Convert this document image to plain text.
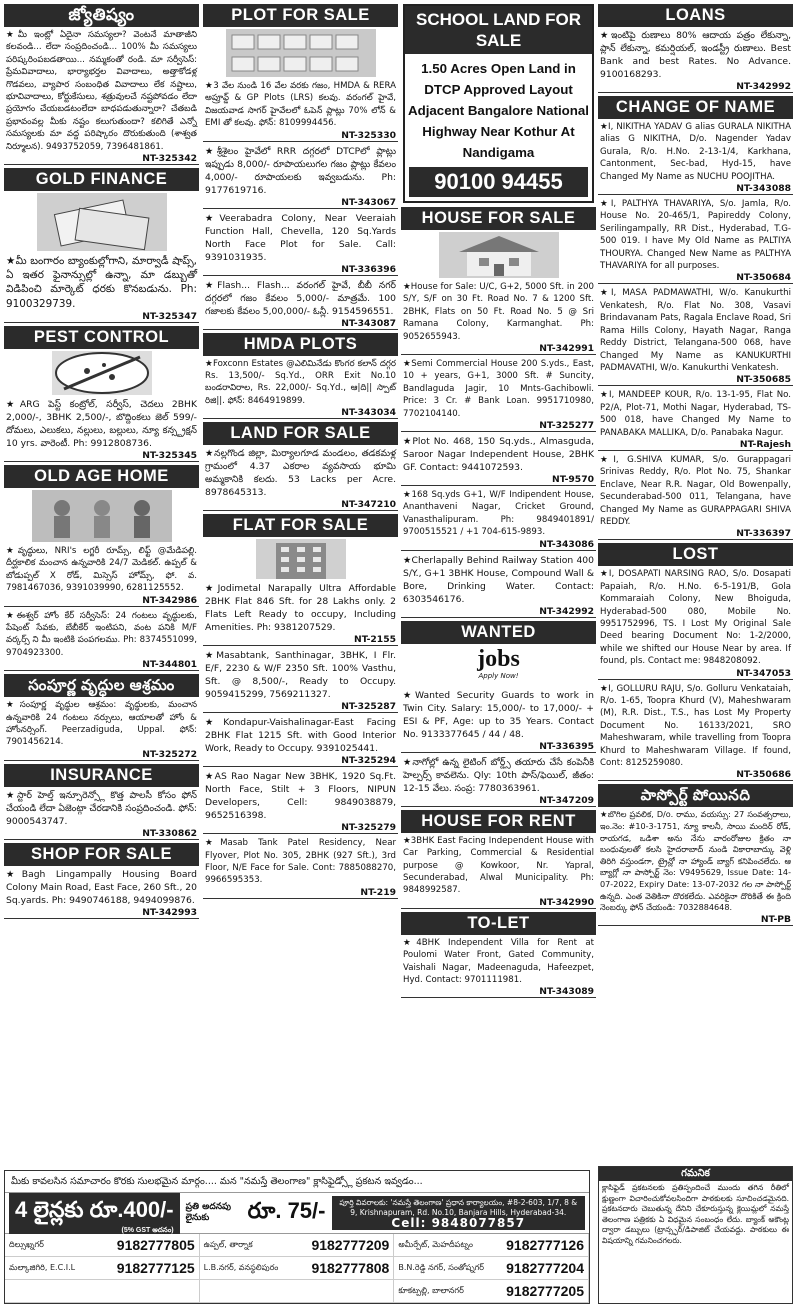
జ్యోతిష్యం
★మీ ఇంట్లో ఏదైనా సమస్యలా? వెంటనే మాతాజీని కలవండి... లేదా సంప్రదించండి... 100% మీ సమస్యలు పరిష్కరింపబడతాయి... నమ్మకంతో రండి. మా సర్వీసెస్: ప్రేమవివాదాలు, భార్యాభర్తల వివాదాలు, అత్తాకోడళ్ల గొడవలు, వ్యాపార సంబంధిత వివాదాలు లేక నష్టాలు, భూవివాదాలు, కోర్టుకేసులు, శత్రువులచే నష్టపోవడం లేదా ప్రయోగం చేయబడటంలేదా బాధపడుతున్నారా? చేతబడి ప్రభావంవల్ల మీకు నష్టం కలుగుతుందా? కలిగితే ఎన్నో సమస్యలకు మా వద్ద పరిష్కారం దొరుకుతుంది (శాశ్వత నిర్మూలన). 9493752059, 7396481861.
NT-325342
GOLD FINANCE
★మీ బంగారం బ్యాంకుల్లోగాని, మార్వాడీ షాప్స్, ఏ ఇతర ఫైనాన్సుల్లో ఉన్నా, మా డబ్బుతో విడిపించి మార్కెట్ ధరకు కొనబడును. Ph: 9100329739.
NT-325347
PEST CONTROL
★ARG పెస్ట్ కంట్రోల్, సర్వీస్, చెదలు 2BHK 2,000/-, 3BHK 2,500/-, బొద్దింకలు జెల్ 599/- దోమలు, ఎలుకలు, నల్లులు, బల్లులు, న్యూ కన్స్ట్రక్షన్ 10 yrs. వారెంటీ. Ph: 9912808736.
NT-325345
OLD AGE HOME
★వృద్ధులు, NRI's లగ్జరీ రూమ్స్, లిఫ్ట్ @మేడిపల్లి. దీర్ఘకాలిక మంచాన ఉన్నవారికి 24/7 మెడికల్. ఉప్పల్ & బోడుప్పల్ X రోడ్, మిస్సెస్ హోమ్స్, ఫో. వ. 7981467036, 9391039990, 6281125552.
NT-342986
★ఈశ్వర్ హోం కేర్ సర్వీసెస్: 24 గంటలు వృద్ధులకు, పేషెంట్ సేవకు, బేబీకేర్ ఇంటిపని, వంట పనికి M/F వర్కర్స్ ని మీ ఇంటికి పంపగలము. Ph: 8374551099, 9704923300.
NT-344801
సంపూర్ణ వృద్ధుల ఆశ్రమం
★సంపూర్ణ వృద్ధుల ఆశ్రమం: వృద్ధులకు, మంచాన ఉన్నవారికి 24 గంటలు నర్సులు, ఆయాలతో హోం & హోంనర్సింగ్. Peerzadiguda, Uppal. ఫోన్: 7901456214.
NT-325272
INSURANCE
★స్టార్ హెల్త్ ఇన్సూరెన్స్లో కొత్త పాలసీ కోసం ఫోన్ చేయండి లేదా ఏజెంట్గా చేరడానికి సంప్రదించండి. ఫోన్: 9000543747.
NT-330862
SHOP FOR SALE
★Bagh Lingampally Housing Board Colony Main Road, East Face, 260 Sft., 20 Sq.yards. Ph: 9490746188, 9494099876.
NT-342993
PLOT FOR SALE
★3 వేల నుండి 16 వేల వరకు గజం, HMDA & RERA అప్రూవ్డ్ & GP Plots (LRS) కలవు. వరంగల్ హైవే, విజయవాడ సాగర్ హైవేలలో ఓపెన్ ప్లాట్లు 70% లోన్ & EMI తో కలవు. ఫోన్: 8109994456.
NT-325330
★శ్రీశైలం హైవేలో RRR దగ్గరలో DTCPలో ప్లాట్లు ఇప్పుడు 8,000/- రూపాయలుగల గజం ప్లాట్లు కేవలం 4,000/- రూపాయలకు ఇవ్వబడును. Ph: 9177619716.
NT-343067
★Veerabadra Colony, Near Veeraiah Function Hall, Chevella, 120 Sq.Yards North Face Plot for Sale. Call: 9391031935.
NT-336396
★Flash... Flash... వరంగల్ హైవే, బీబీ నగర్ దగ్గరలో గజం కేవలం 5,000/- మాత్రమే. 100 గజాలకు కేవలం 5,00,000/- ఓన్లీ. 9154596551.
NT-343087
HMDA PLOTS
★Foxconn Estates @ఎలిమినేడు కొంగర కలాన్ దగ్గర Rs. 13,500/- Sq.Yd., ORR Exit No.10 బండరావిరాల, Rs. 22,000/- Sq.Yd., ఆ|ది|| స్పాట్ రిజి||. ఫోన్: 8464919899.
NT-343034
LAND FOR SALE
★నల్లగొండ జిల్లా, మిర్యాలగూడ మండలం, తడకమళ్ల గ్రామంలో 4.37 ఎకరాల వ్యవసాయ భూమి అమ్మకానికి కలదు. 53 Lacks per Acre. 8978645313.
NT-347210
FLAT FOR SALE
★Jodimetal Narapally Ultra Affordable 2BHK Flat 846 Sft. for 28 Lakhs only. 2 Flats Left Ready to occupy, Including Amenities. Ph: 9381207529.
NT-2155
★Masabtank, Santhinagar, 3BHK, I Flr. E/F, 2230 & W/F 2350 Sft. 100% Vasthu, Sft. @ 8,500/-, Ready to Occupy. 9059415299, 7569211327.
NT-325287
★Kondapur-Vaishalinagar-East Facing 2BHK Flat 1215 Sft. with Good Interior Work, Ready to Occupy. 9391025441.
NT-325294
★AS Rao Nagar New 3BHK, 1920 Sq.Ft. North Face, Stilt + 3 Floors, NIPUN Developers, Cell: 9849038879, 9652516398.
NT-325279
★Masab Tank Patel Residency, Near Flyover, Plot No. 305, 2BHK (927 Sft.), 3rd Floor, N/E Face for Sale. Cont: 7885088270, 9966595353.
NT-219
SCHOOL LAND FOR SALE
1.50 Acres Open Land in DTCP Approved Layout Adjacent Bangalore National Highway Near Kothur At Nandigama
90100 94455
HOUSE FOR SALE
★House for Sale: U/C, G+2, 5000 Sft. in 200 S/Y, S/F on 30 Ft. Road No. 7 & 1200 Sft. 2BHK, Flats on 50 Ft. Road No. 5 @ Sri Ramana Colony, Karmanghat. Ph: 9052655943.
NT-342991
★Semi Commercial House 200 S.yds., East, 10 + years, G+1, 3000 Sft. # Suncity, Bandlaguda Jagir, 10 Mnts-Gachibowli. Price: 3 Cr. # Bank Loan. 9951710980, 7702104140.
NT-325277
★Plot No. 468, 150 Sq.yds., Almasguda, Saroor Nagar Independent House, 2BHK GF. Contact: 9441072593.
NT-9570
★168 Sq.yds G+1, W/F Indipendent House, Ananthaveni Nagar, Cricket Ground, Vanasthalipuram. Ph: 9849401891/ 9700515521 / +1 704-615-9893.
NT-343086
★Cherlapally Behind Railway Station 400 S/Y., G+1 3BHK House, Compound Wall & Bore, Drinking Water. Contact: 6303546176.
NT-342992
WANTED
jobs
Apply Now!
★Wanted Security Guards to work in Twin City. Salary: 15,000/- to 17,000/- + ESI & PF, Age: up to 35 Years. Contact No. 9133377645 / 44 / 48.
NT-336395
★నాగోల్లో ఉన్న లైటింగ్ బోర్డ్స్ తయారు చేసే కంపెనీకి హెల్పర్స్ కావలెను. Qly: 10th పాస్/ఫెయిల్, జీతం: 12-15 వేలు. సంప్ర: 7780363961.
NT-347209
HOUSE FOR RENT
★3BHK East Facing Independent House with Car Parking, Commercial & Residential purpose @ Kowkoor, Nr. Yapral, Secunderabad, Alwal Municipality. Ph: 9848992587.
NT-342990
TO-LET
★4BHK Independent Villa for Rent at Poulomi Water Front, Gated Community, Vaishali Nagar, Madeenaguda, Hafeezpet, Hyd. Contact: 9701111981.
NT-343089
LOANS
★ఇంటిపై రుణాలు 80% ఆదాయ పత్రం లేకున్నా, ప్లాన్ లేకున్నా, కమర్షియల్, ఇండస్ట్రీ రుణాలు. Best Bank and best Rates. No Advance. 9100168293.
NT-342992
CHANGE OF NAME
★I, NIKITHA YADAV G alias GURALA NIKITHA alias G NIKITHA, D/o. Nagender Yadav Gurala, R/o. H.No. 2-13-1/4, Karkhana, Cantonment, Sec-bad, Hyd-15, have Changed My Name as NUCHU POOJITHA.
NT-343088
★I, PALTHYA THAVARIYA, S/o. Jamla, R/o. House No. 20-465/1, Papireddy Colony, Serilingampally, RR Dist., Hyderabad, T.G-500 019. I have My Old Name as PALTIYA THOURYA. Changed New Name as PALTHYA THAVARIYA for all purposes.
NT-350684
★I, MASA PADMAWATHI, W/o. Kanukurthi Venkatesh, R/o. Flat No. 308, Vasavi Brindavanam Pats, Ragala Enclave Road, Sri Rama Hills Colony, Hayath Nagar, Ranga Reddy District, Telangana-500 068, have Changed My Name as KANUKURTHI PADMAVATHI, W/o. Kanukurthi Venkatesh.
NT-350685
★I, MANDEEP KOUR, R/o. 13-1-95, Flat No. P2/A, Plot-71, Mothi Nagar, Hyderabad, TS-500 018, have Changed My Name to PANABAKA MALLIKA, D/o. Panabaka Nagur.
NT-Rajesh
★I, G.SHIVA KUMAR, S/o. Gurappagari Srinivas Reddy, R/o. Plot No. 75, Shankar Enclave, Near R.R. Nagar, Old Bowenpally, Secunderabad-500 011, Telangana, have Changed My Name as GURAPPAGARI SHIVA REDDY.
NT-336397
LOST
★I, DOSAPATI NARSING RAO, S/o. Dosapati Papaiah, R/o. H.No. 6-5-191/B, Gola Kommaraiah Colony, New Bhoiguda, Hyderabad-500 080, Mobile No. 9951752996, TS. I Lost My Original Sale Deed bearing Document No: 1-2/2000, while we shifted our House Near by area. If found, pls. Contact me: 9848208092.
NT-347053
★I, GOLLURU RAJU, S/o. Golluru Venkataiah, R/o. 1-65, Toopra Khurd (V), Maheshwaram (M), R.R. Dist., T.S., has Lost My Property Document No. 16133/2021, SRO Maheshwaram, while travelling from Toopra Khurd to Maheshwaram Village. If found, Cont: 8125259080.
NT-350686
పాస్పోర్ట్ పోయినది
★బొగిల ప్రవలిక, D/o. రాము, వయస్సు: 27 సంవత్సరాలు, ఇం.నెం: #10-3-1751, న్యూ కాలనీ, సాయి మందిర్ రోడ్, రాయగడ, ఒడిశా అను నేను వారంరోజుల క్రితం నా బంధువులతో కలసి హైదరాబాద్ నుండి వికారాబాద్కు వెళ్లి తిరిగి వస్తుండగా, ట్రైన్లో నా హ్యాండ్ బ్యాగ్ కనిపించలేదు. ఆ బ్యాగ్లో నా పాస్పోర్ట్ నెం: V9495629, Issue Date: 14-07-2022, Expiry Date: 13-07-2032 గల నా పాస్పోర్ట్ ఉన్నది. ఎంత వెతికినా దొరకలేదు. ఎవరికైనా దొరికితే ఈ క్రింది నెంబర్కు ఫోన్ చేయండి: 7032884648.
NT-PB
మీకు కావలసిన సమాచారం కొరకు సులభమైన మార్గం.... మన "నమస్తే తెలంగాణ" క్లాసిఫైడ్స్లో ప్రకటన ఇవ్వడం...
4 లైన్లకు రూ.400/-
(5% GST అదనం)
ప్రతి అదనపు లైనుకు	రూ. 75/-	పూర్తి వివరాలకు: 'నమస్తే తెలంగాణ' ప్రధాన కార్యాలయం, #8-2-603, 1/7, 8 & 9, Krishnapuram, Rd. No.10, Banjara Hills, Hyderabad-34.
Cell: 9848077857
దిల్సుఖ్నగర్	9182777805 ఉప్పల్, తార్నాక	9182777209 అమీర్పేట్, మెహదీపట్నం 9182777126
మల్కాజిగిరి, E.C.I.L	9182777125 L.B.నగర్, వనస్థలిపురం 9182777808 B.N.రెడ్డి నగర్, సంతోష్నగర్ 9182777204
కూకట్పల్లి, బాలానగర్	9182777205
గమనిక
క్లాసిఫైడ్ ప్రకటనలకు ప్రతిస్పందించే ముందు తగిన రీతిలో క్షుణ్ణంగా విచారించుకోవలసిందిగా పాఠకులకు సూచించడమైనది. ప్రకటనదారు చెబుతున్న దేనిని చేకూరుస్తున్న క్లెయిమ్లలో నమస్తే తెలంగాణ పత్రికకు ఏ విధమైన సంబంధం లేదు. బ్యాంక్ అకౌంట్ల ద్వారా డబ్బులు (ట్రాన్స్ఫర్/డిపాజిట్ చేయవద్దు. పాఠకులు ఈ విషయాన్ని గమనించగలరు.
